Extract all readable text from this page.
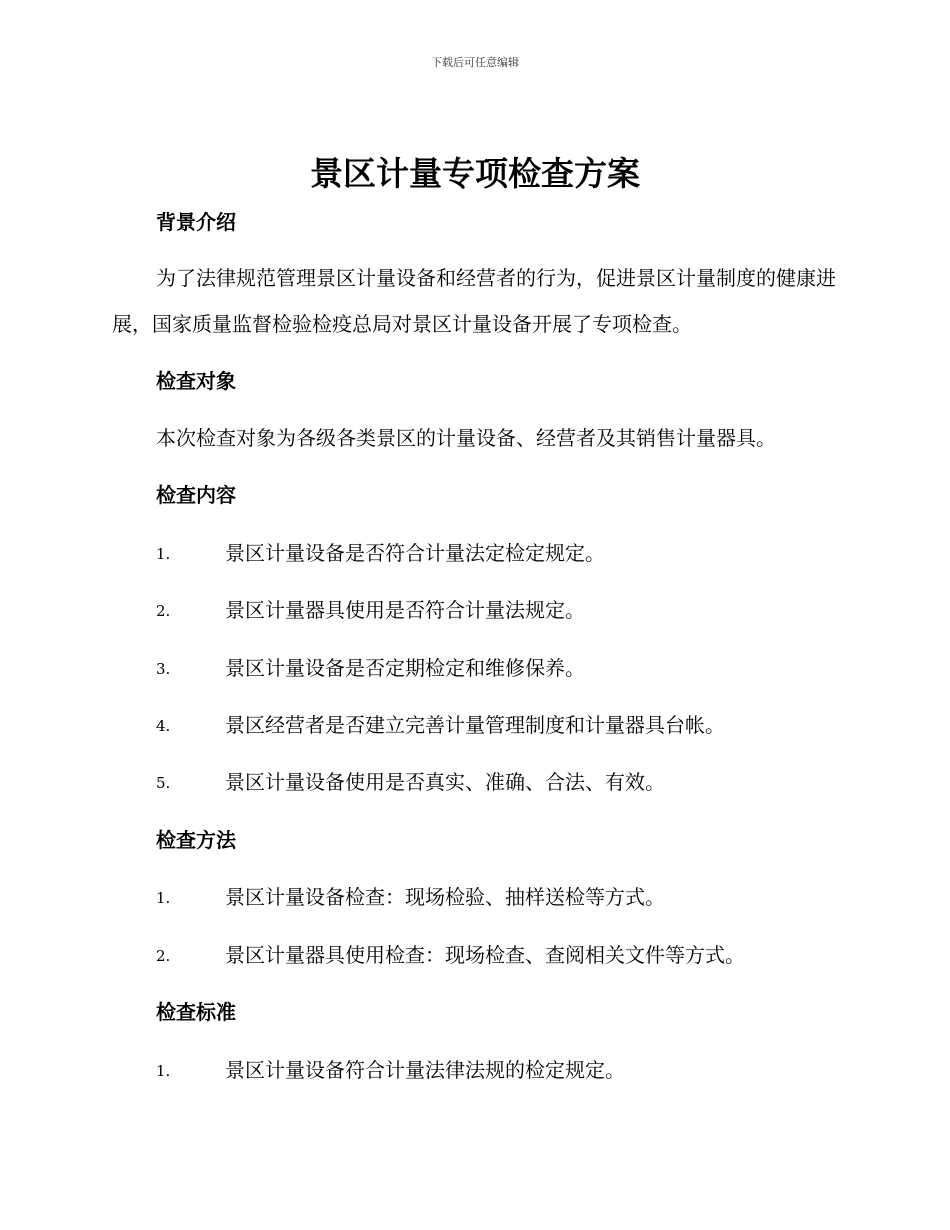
下载后可任意编辑
景区计量专项检查方案
背景介绍
为了法律规范管理景区计量设备和经营者的行为，促进景区计量制度的健康进展，国家质量监督检验检疫总局对景区计量设备开展了专项检查。
检查对象
本次检查对象为各级各类景区的计量设备、经营者及其销售计量器具。
检查内容
1.	景区计量设备是否符合计量法定检定规定。
2.	景区计量器具使用是否符合计量法规定。
3.	景区计量设备是否定期检定和维修保养。
4.	景区经营者是否建立完善计量管理制度和计量器具台帐。
5.	景区计量设备使用是否真实、准确、合法、有效。
检查方法
1.	景区计量设备检查：现场检验、抽样送检等方式。
2.	景区计量器具使用检查：现场检查、查阅相关文件等方式。
检查标准
1.	景区计量设备符合计量法律法规的检定规定。
